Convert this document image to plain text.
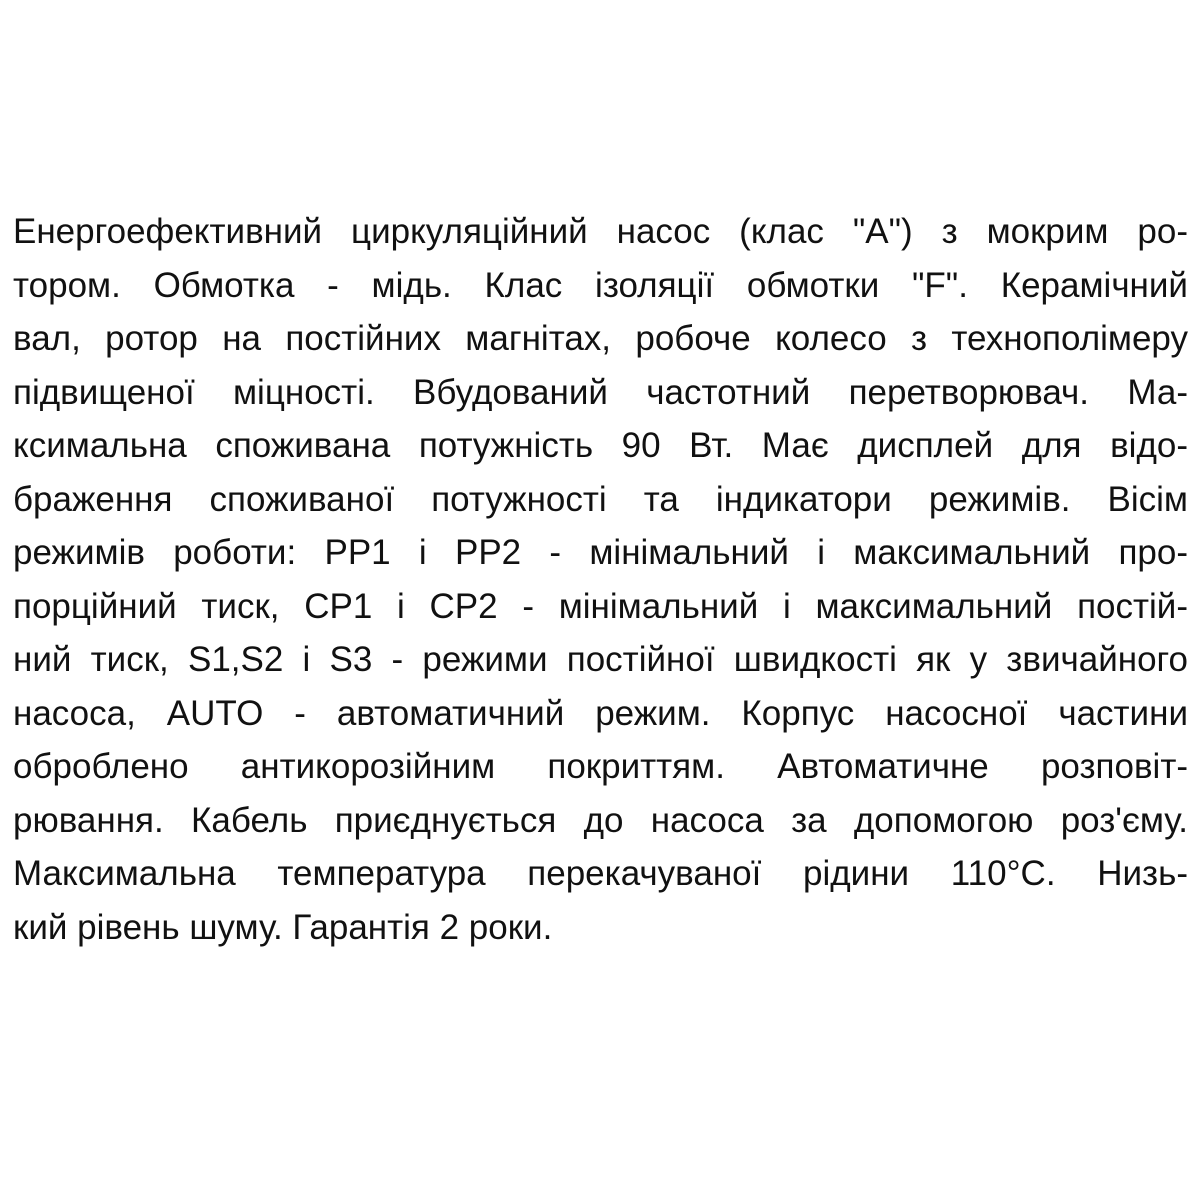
Енергоефективний циркуляційний насос (клас "А") з мокрим ро-
тором. Обмотка - мідь. Клас ізоляції обмотки "F". Керамічний
вал, ротор на постійних магнітах, робоче колесо з технополімеру
підвищеної міцності. Вбудований частотний перетворювач. Ма-
ксимальна споживана потужність 90 Вт. Має дисплей для відо-
браження споживаної потужності та індикатори режимів. Вісім
режимів роботи: PP1 і PP2 - мінімальний і максимальний про-
порційний тиск, CP1 і CP2 - мінімальний і максимальний постій-
ний тиск, S1,S2 і S3 - режими постійної швидкості як у звичайного
насоса, AUTO - автоматичний режим. Корпус насосної частини
оброблено антикорозійним покриттям. Автоматичне розповіт-
рювання. Кабель приєднується до насоса за допомогою роз'єму.
Максимальна температура перекачуваної рідини 110°С. Низь-
кий рівень шуму. Гарантія 2 роки.
